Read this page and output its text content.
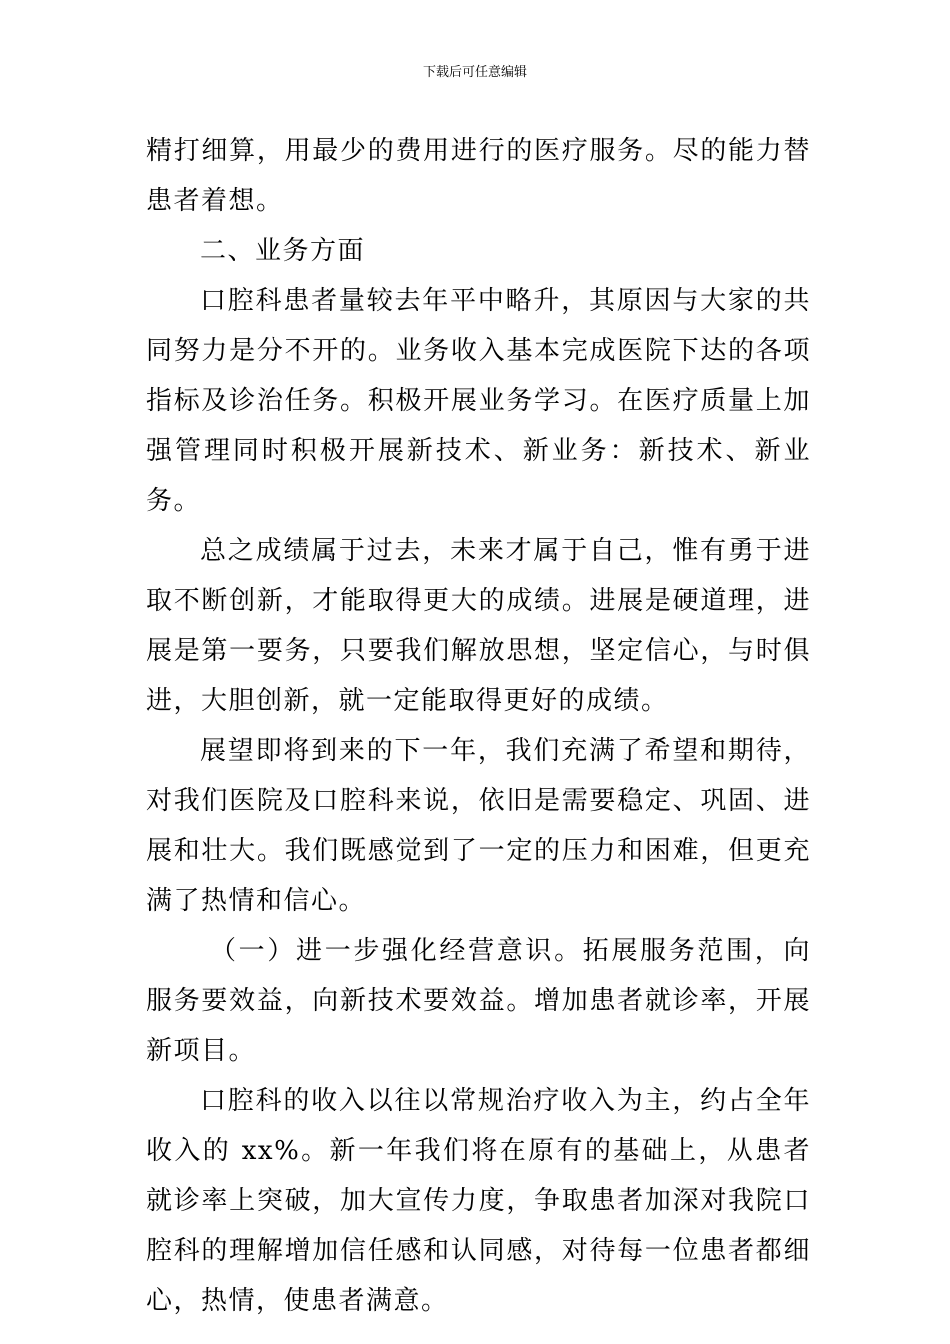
下载后可任意编辑

精打细算，用最少的费用进行的医疗服务。尽的能力替患者着想。

二、业务方面

口腔科患者量较去年平中略升，其原因与大家的共同努力是分不开的。业务收入基本完成医院下达的各项指标及诊治任务。积极开展业务学习。在医疗质量上加强管理同时积极开展新技术、新业务：新技术、新业务。

总之成绩属于过去，未来才属于自己，惟有勇于进取不断创新，才能取得更大的成绩。进展是硬道理，进展是第一要务，只要我们解放思想，坚定信心，与时俱进，大胆创新，就一定能取得更好的成绩。

展望即将到来的下一年，我们充满了希望和期待，对我们医院及口腔科来说，依旧是需要稳定、巩固、进展和壮大。我们既感觉到了一定的压力和困难，但更充满了热情和信心。

（一）进一步强化经营意识。拓展服务范围，向服务要效益，向新技术要效益。增加患者就诊率，开展新项目。

口腔科的收入以往以常规治疗收入为主，约占全年收入的 xx%。新一年我们将在原有的基础上，从患者就诊率上突破，加大宣传力度，争取患者加深对我院口腔科的理解增加信任感和认同感，对待每一位患者都细心，热情，使患者满意。
